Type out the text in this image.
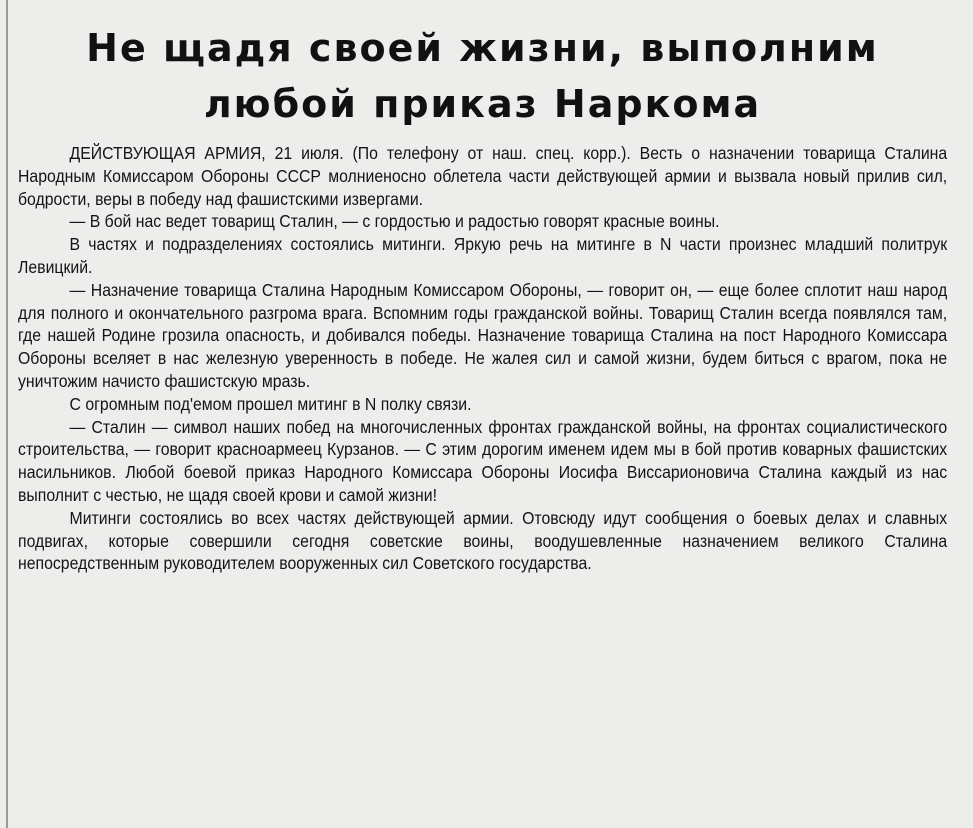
Не щадя своей жизни, выполним
любой приказ Наркома

ДЕЙСТВУЮЩАЯ АРМИЯ, 21 июля. (По телефону от наш. спец. корр.). Весть о назначении товарища Сталина Народным Комиссаром Обороны СССР молниеносно облетела части действующей армии и вызвала новый прилив сил, бодрости, веры в победу над фашистскими извергами.

— В бой нас ведет товарищ Сталин, — с гордостью и радостью говорят красные воины.

В частях и подразделениях состоялись митинги. Яркую речь на митинге в N части произнес младший политрук Левицкий.

— Назначение товарища Сталина Народным Комиссаром Обороны, — говорит он, — еще более сплотит наш народ для полного и окончательного разгрома врага. Вспомним годы гражданской войны. Товарищ Сталин всегда появлялся там, где нашей Родине грозила опасность, и добивался победы. Назначение товарища Сталина на пост Народного Комиссара Обороны вселяет в нас железную уверенность в победе. Не жалея сил и самой жизни, будем биться с врагом, пока не уничтожим начисто фашистскую мразь.

С огромным под'емом прошел митинг в N полку связи.

— Сталин — символ наших побед на многочисленных фронтах гражданской войны, на фронтах социалистического строительства, — говорит красноармеец Курзанов. — С этим дорогим именем идем мы в бой против коварных фашистских насильников. Любой боевой приказ Народного Комиссара Обороны Иосифа Виссарионовича Сталина каждый из нас выполнит с честью, не щадя своей крови и самой жизни!

Митинги состоялись во всех частях действующей армии. Отовсюду идут сообщения о боевых делах и славных подвигах, которые совершили сегодня советские воины, воодушевленные назначением великого Сталина непосредственным руководителем вооруженных сил Советского государства.
